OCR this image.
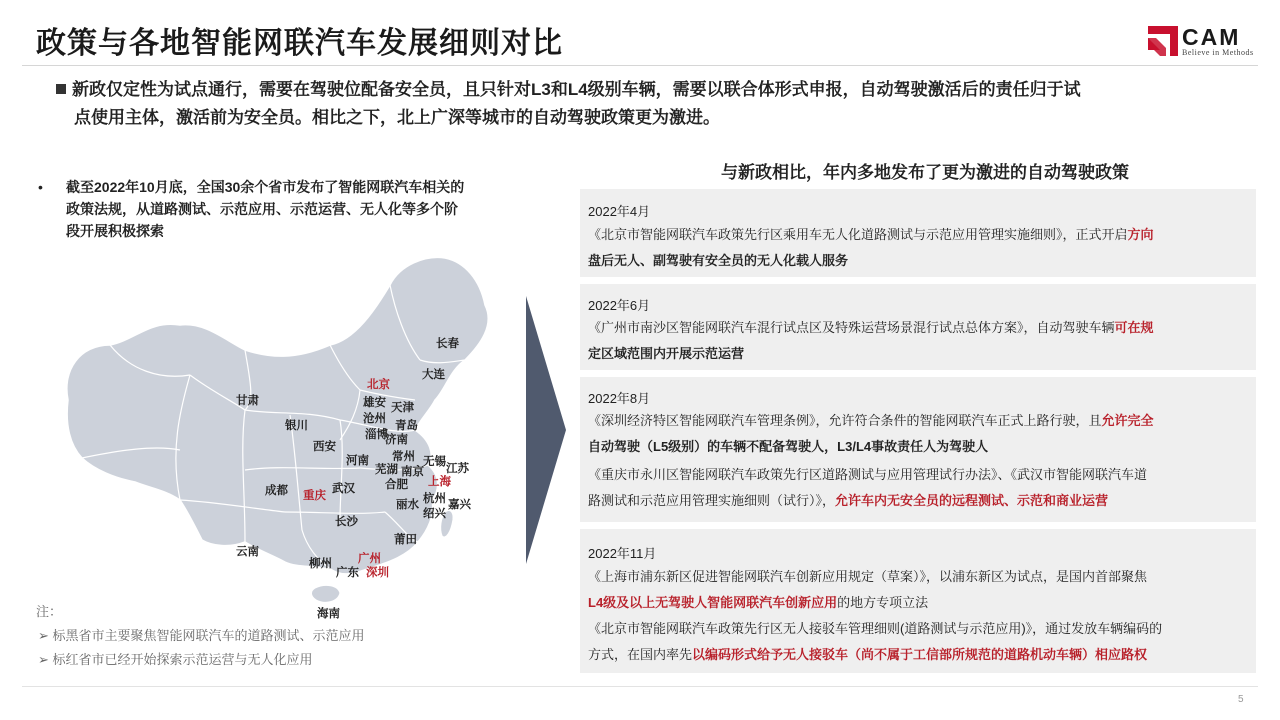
政策与各地智能网联汽车发展细则对比	CAM
Believe in Methods
新政仅定性为试点通行，需要在驾驶位配备安全员，且只针对L3和L4级别车辆，需要以联合体形式申报，自动驾驶激活后的责任归于试
点使用主体，激活前为安全员。相比之下，北上广深等城市的自动驾驶政策更为激进。
• 截至2022年10月底，全国30余个省市发布了智能网联汽车相关的
政策法规，从道路测试、示范应用、示范运营、无人化等多个阶
段开展积极探索
长春
大连
北京
甘肃	雄安 天津
沧州
银川	青岛
淄博
济南
西安
常州
河南	无锡
芜湖 南京 江苏
合肥 上海
成都 重庆
武汉
杭州
丽水	嘉兴
绍兴
长沙
莆田
云南
广州
柳州
广东 深圳
海南
注：
➢ 标黑省市主要聚焦智能网联汽车的道路测试、示范应用
➢ 标红省市已经开始探索示范运营与无人化应用
与新政相比，年内多地发布了更为激进的自动驾驶政策
2022年4月
《北京市智能网联汽车政策先行区乘用车无人化道路测试与示范应用管理实施细则》，正式开启方向
盘后无人、副驾驶有安全员的无人化载人服务
2022年6月
《广州市南沙区智能网联汽车混行试点区及特殊运营场景混行试点总体方案》，自动驾驶车辆可在规
定区域范围内开展示范运营
2022年8月
《深圳经济特区智能网联汽车管理条例》，允许符合条件的智能网联汽车正式上路行驶，且允许完全
自动驾驶（L5级别）的车辆不配备驾驶人，L3/L4事故责任人为驾驶人
《重庆市永川区智能网联汽车政策先行区道路测试与应用管理试行办法》、《武汉市智能网联汽车道
路测试和示范应用管理实施细则（试行）》，允许车内无安全员的远程测试、示范和商业运营
2022年11月
《上海市浦东新区促进智能网联汽车创新应用规定（草案）》，以浦东新区为试点，是国内首部聚焦
L4级及以上无驾驶人智能网联汽车创新应用的地方专项立法
《北京市智能网联汽车政策先行区无人接驳车管理细则(道路测试与示范应用)》，通过发放车辆编码的
方式，在国内率先以编码形式给予无人接驳车（尚不属于工信部所规范的道路机动车辆）相应路权
5
